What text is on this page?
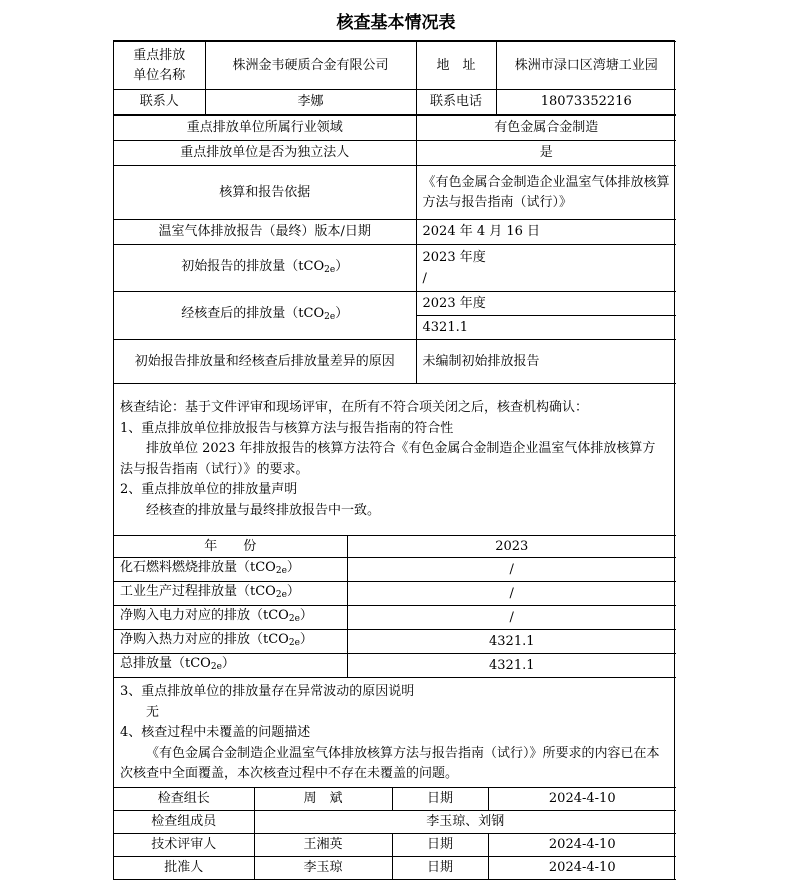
核查基本情况表
重点排放单位名称	株洲金韦硬质合金有限公司	地　址	株洲市渌口区湾塘工业园
联系人	李娜	联系电话	18073352216
重点排放单位所属行业领域	有色金属合金制造
重点排放单位是否为独立法人	是
核算和报告依据	《有色金属合金制造企业温室气体排放核算方法与报告指南（试行）》
温室气体排放报告（最终）版本/日期	2024 年 4 月 16 日
初始报告的排放量（tCO$_{2e}$）	2023 年度
/

经核查后的排放量（tCO$_{2e}$）	2023 年度
4321.1

初始报告排放量和经核查后排放量差异的原因	未编制初始排放报告
核查结论：基于文件评审和现场评审，在所有不符合项关闭之后，核查机构确认：
1、重点排放单位排放报告与核算方法与报告指南的符合性
排放单位 2023 年排放报告的核算方法符合《有色金属合金制造企业温室气体排放核算方法与报告指南（试行）》的要求。
2、重点排放单位的排放量声明
经核查的排放量与最终排放报告中一致。
年　　份	2023
化石燃料燃烧排放量（tCO$_{2e}$）	/
工业生产过程排放量（tCO$_{2e}$）	/
净购入电力对应的排放（tCO$_{2e}$）	/
净购入热力对应的排放（tCO$_{2e}$）	4321.1
总排放量（tCO$_{2e}$）	4321.1
3、重点排放单位的排放量存在异常波动的原因说明
无
4、核查过程中未覆盖的问题描述
《有色金属合金制造企业温室气体排放核算方法与报告指南（试行）》所要求的内容已在本次核查中全面覆盖，本次核查过程中不存在未覆盖的问题。
检查组长	周　斌	日期	2024-4-10
检查组成员	李玉琼、刘钢		
技术评审人	王湘英	日期	2024-4-10
批准人	李玉琼	日期	2024-4-10
